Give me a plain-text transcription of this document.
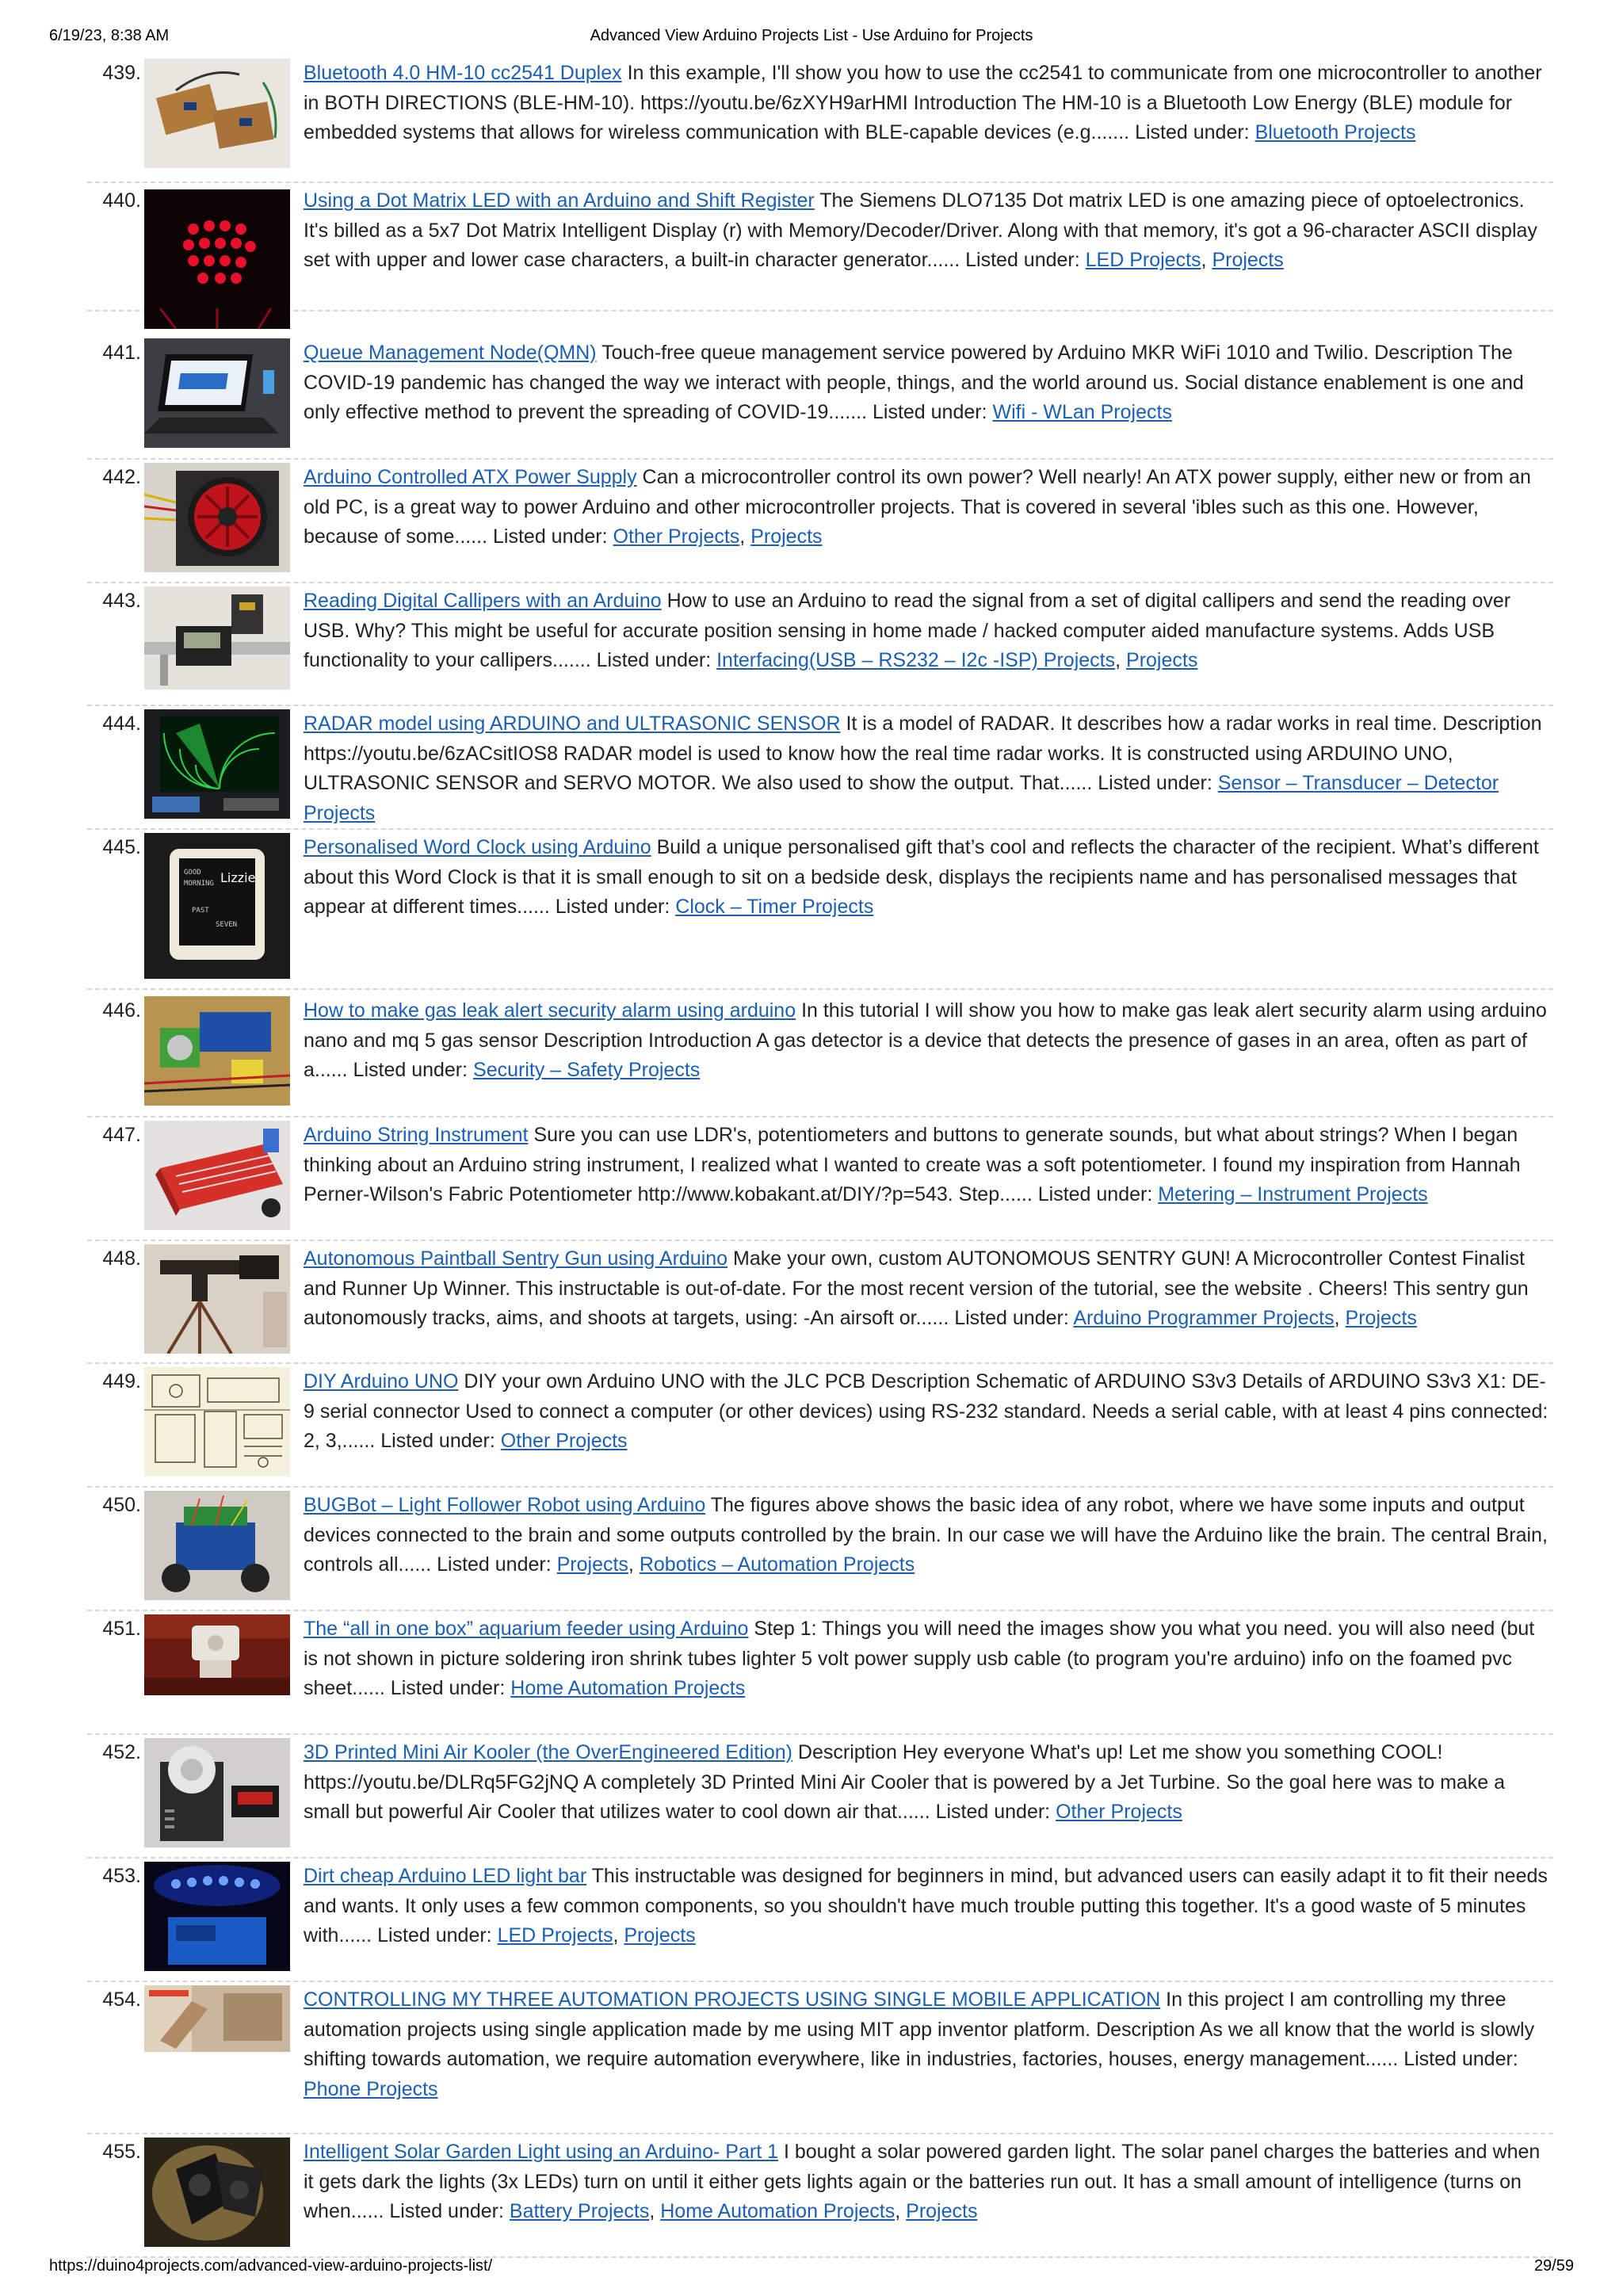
6/19/23, 8:38 AM	Advanced View Arduino Projects List - Use Arduino for Projects
439.	Bluetooth 4.0 HM-10 cc2541 Duplex In this example, I'll show you how to use the cc2541 to communicate from one microcontroller to another in BOTH DIRECTIONS (BLE-HM-10). https://youtu.be/6zXYH9arHMI Introduction The HM-10 is a Bluetooth Low Energy (BLE) module for embedded systems that allows for wireless communication with BLE-capable devices (e.g....... Listed under: Bluetooth Projects
440.	Using a Dot Matrix LED with an Arduino and Shift Register The Siemens DLO7135 Dot matrix LED is one amazing piece of optoelectronics. It's billed as a 5x7 Dot Matrix Intelligent Display (r) with Memory/Decoder/Driver. Along with that memory, it's got a 96-character ASCII display set with upper and lower case characters, a built-in character generator...... Listed under: LED Projects, Projects
441.	Queue Management Node(QMN) Touch-free queue management service powered by Arduino MKR WiFi 1010 and Twilio. Description The COVID-19 pandemic has changed the way we interact with people, things, and the world around us. Social distance enablement is one and only effective method to prevent the spreading of COVID-19....... Listed under: Wifi - WLan Projects
442.	Arduino Controlled ATX Power Supply Can a microcontroller control its own power? Well nearly! An ATX power supply, either new or from an old PC, is a great way to power Arduino and other microcontroller projects. That is covered in several 'ibles such as this one. However, because of some...... Listed under: Other Projects, Projects
443.	Reading Digital Callipers with an Arduino How to use an Arduino to read the signal from a set of digital callipers and send the reading over USB. Why? This might be useful for accurate position sensing in home made / hacked computer aided manufacture systems. Adds USB functionality to your callipers....... Listed under: Interfacing(USB – RS232 – I2c -ISP) Projects, Projects
444.	RADAR model using ARDUINO and ULTRASONIC SENSOR It is a model of RADAR. It describes how a radar works in real time. Description https://youtu.be/6zACsitIOS8 RADAR model is used to know how the real time radar works. It is constructed using ARDUINO UNO, ULTRASONIC SENSOR and SERVO MOTOR. We also used to show the output. That...... Listed under: Sensor – Transducer – Detector Projects
445.
GOOD
MORNING Lizzie
PAST
SEVEN
Personalised Word Clock using Arduino Build a unique personalised gift that’s cool and reflects the character of the recipient. What’s different about this Word Clock is that it is small enough to sit on a bedside desk, displays the recipients name and has personalised messages that appear at different times...... Listed under: Clock – Timer Projects
446.	How to make gas leak alert security alarm using arduino In this tutorial I will show you how to make gas leak alert security alarm using arduino nano and mq 5 gas sensor Description Introduction A gas detector is a device that detects the presence of gases in an area, often as part of a...... Listed under: Security – Safety Projects
447.	Arduino String Instrument Sure you can use LDR's, potentiometers and buttons to generate sounds, but what about strings? When I began thinking about an Arduino string instrument, I realized what I wanted to create was a soft potentiometer. I found my inspiration from Hannah Perner-Wilson's Fabric Potentiometer http://www.kobakant.at/DIY/?p=543. Step...... Listed under: Metering – Instrument Projects
448.	Autonomous Paintball Sentry Gun using Arduino Make your own, custom AUTONOMOUS SENTRY GUN! A Microcontroller Contest Finalist and Runner Up Winner. This instructable is out-of-date. For the most recent version of the tutorial, see the website . Cheers! This sentry gun autonomously tracks, aims, and shoots at targets, using: -An airsoft or...... Listed under: Arduino Programmer Projects, Projects
449.	DIY Arduino UNO DIY your own Arduino UNO with the JLC PCB Description Schematic of ARDUINO S3v3 Details of ARDUINO S3v3 X1: DE-9 serial connector Used to connect a computer (or other devices) using RS-232 standard. Needs a serial cable, with at least 4 pins connected: 2, 3,...... Listed under: Other Projects
450.	BUGBot – Light Follower Robot using Arduino The figures above shows the basic idea of any robot, where we have some inputs and output devices connected to the brain and some outputs controlled by the brain. In our case we will have the Arduino like the brain. The central Brain, controls all...... Listed under: Projects, Robotics – Automation Projects
451.	The “all in one box” aquarium feeder using Arduino Step 1: Things you will need the images show you what you need. you will also need (but is not shown in picture soldering iron shrink tubes lighter 5 volt power supply usb cable (to program you're arduino) info on the foamed pvc sheet...... Listed under: Home Automation Projects
452.	3D Printed Mini Air Kooler (the OverEngineered Edition) Description Hey everyone What's up! Let me show you something COOL! https://youtu.be/DLRq5FG2jNQ A completely 3D Printed Mini Air Cooler that is powered by a Jet Turbine. So the goal here was to make a small but powerful Air Cooler that utilizes water to cool down air that...... Listed under: Other Projects
453.	Dirt cheap Arduino LED light bar This instructable was designed for beginners in mind, but advanced users can easily adapt it to fit their needs and wants. It only uses a few common components, so you shouldn't have much trouble putting this together. It's a good waste of 5 minutes with...... Listed under: LED Projects, Projects
454.	CONTROLLING MY THREE AUTOMATION PROJECTS USING SINGLE MOBILE APPLICATION In this project I am controlling my three automation projects using single application made by me using MIT app inventor platform. Description As we all know that the world is slowly shifting towards automation, we require automation everywhere, like in industries, factories, houses, energy management...... Listed under: Phone Projects
455.	Intelligent Solar Garden Light using an Arduino- Part 1 I bought a solar powered garden light. The solar panel charges the batteries and when it gets dark the lights (3x LEDs) turn on until it either gets lights again or the batteries run out. It has a small amount of intelligence (turns on when...... Listed under: Battery Projects, Home Automation Projects, Projects
https://duino4projects.com/advanced-view-arduino-projects-list/	29/59
